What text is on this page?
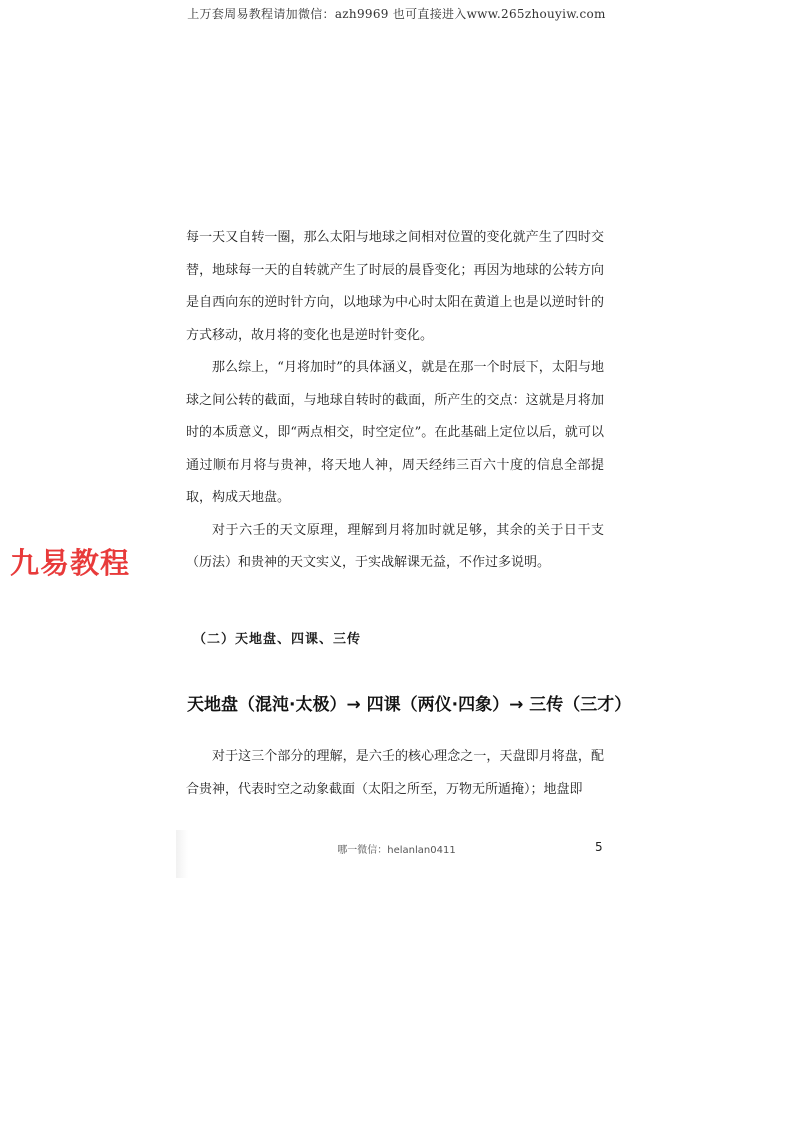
上万套周易教程请加微信：azh9969 也可直接进入www.265zhouyiw.com

每一天又自转一圈，那么太阳与地球之间相对位置的变化就产生了四时交替，地球每一天的自转就产生了时辰的晨昏变化；再因为地球的公转方向是自西向东的逆时针方向，以地球为中心时太阳在黄道上也是以逆时针的方式移动，故月将的变化也是逆时针变化。

那么综上，“月将加时”的具体涵义，就是在那一个时辰下，太阳与地球之间公转的截面，与地球自转时的截面，所产生的交点：这就是月将加时的本质意义，即“两点相交，时空定位”。在此基础上定位以后，就可以通过顺布月将与贵神，将天地人神，周天经纬三百六十度的信息全部提取，构成天地盘。

对于六壬的天文原理，理解到月将加时就足够，其余的关于日干支（历法）和贵神的天文实义，于实战解课无益，不作过多说明。

九易教程
（二）天地盘、四课、三传
天地盘（混沌·太极）→ 四课（两仪·四象）→ 三传（三才）

对于这三个部分的理解，是六壬的核心理念之一，天盘即月将盘，配合贵神，代表时空之动象截面（太阳之所至，万物无所遁掩）；地盘即

哪一微信：helanlan0411	5
